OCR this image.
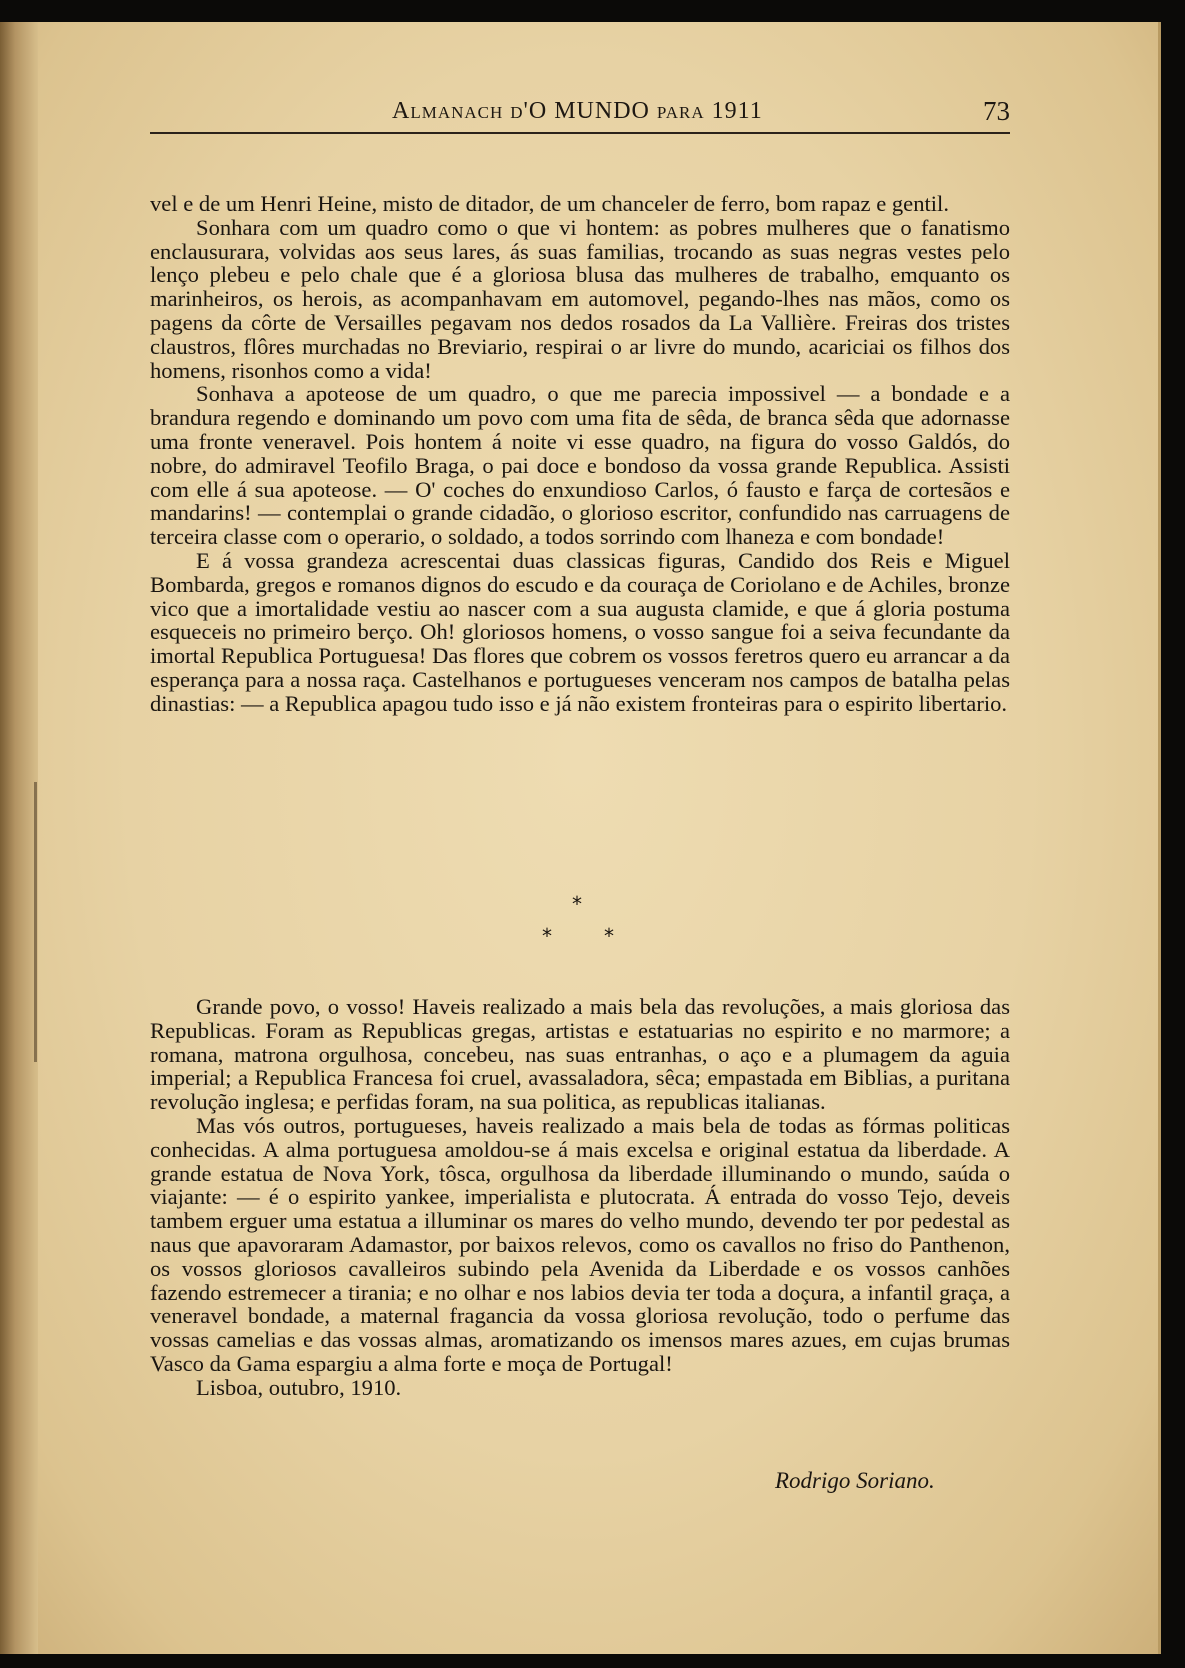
Almanach d'O MUNDO para 1911	73

vel e de um Henri Heine, misto de ditador, de um chanceler de ferro, bom rapaz e gentil.

Sonhara com um quadro como o que vi hontem: as pobres mulheres que o fanatismo enclausurara, volvidas aos seus lares, ás suas familias, trocando as suas negras vestes pelo lenço plebeu e pelo chale que é a gloriosa blusa das mulheres de trabalho, emquanto os marinheiros, os herois, as acompanhavam em automovel, pegando-lhes nas mãos, como os pagens da côrte de Versailles pegavam nos dedos rosados da La Vallière. Freiras dos tristes claustros, flôres murchadas no Breviario, respirai o ar livre do mundo, acariciai os filhos dos homens, risonhos como a vida!

Sonhava a apoteose de um quadro, o que me parecia impossivel — a bondade e a brandura regendo e dominando um povo com uma fita de sêda, de branca sêda que adornasse uma fronte veneravel. Pois hontem á noite vi esse quadro, na figura do vosso Galdós, do nobre, do admiravel Teofilo Braga, o pai doce e bondoso da vossa grande Republica. Assisti com elle á sua apoteose. — O' coches do enxundioso Carlos, ó fausto e farça de cortesãos e mandarins! — contemplai o grande cidadão, o glorioso escritor, confundido nas carruagens de terceira classe com o operario, o soldado, a todos sorrindo com lhaneza e com bondade!

E á vossa grandeza acrescentai duas classicas figuras, Candido dos Reis e Miguel Bombarda, gregos e romanos dignos do escudo e da couraça de Coriolano e de Achiles, bronze vico que a imortalidade vestiu ao nascer com a sua augusta clamide, e que á gloria postuma esqueceis no primeiro berço. Oh! gloriosos homens, o vosso sangue foi a seiva fecundante da imortal Republica Portuguesa! Das flores que cobrem os vossos feretros quero eu arrancar a da esperança para a nossa raça. Castelhanos e portugueses venceram nos campos de batalha pelas dinastias: — a Republica apagou tudo isso e já não existem fronteiras para o espirito libertario.

*
*	*

Grande povo, o vosso! Haveis realizado a mais bela das revoluções, a mais gloriosa das Republicas. Foram as Republicas gregas, artistas e estatuarias no espirito e no marmore; a romana, matrona orgulhosa, concebeu, nas suas entranhas, o aço e a plumagem da aguia imperial; a Republica Francesa foi cruel, avassaladora, sêca; empastada em Biblias, a puritana revolução inglesa; e perfidas foram, na sua politica, as republicas italianas.

Mas vós outros, portugueses, haveis realizado a mais bela de todas as fórmas politicas conhecidas. A alma portuguesa amoldou-se á mais excelsa e original estatua da liberdade. A grande estatua de Nova York, tôsca, orgulhosa da liberdade illuminando o mundo, saúda o viajante: — é o espirito yankee, imperialista e plutocrata. Á entrada do vosso Tejo, deveis tambem erguer uma estatua a illuminar os mares do velho mundo, devendo ter por pedestal as naus que apavoraram Adamastor, por baixos relevos, como os cavallos no friso do Panthenon, os vossos gloriosos cavalleiros subindo pela Avenida da Liberdade e os vossos canhões fazendo estremecer a tirania; e no olhar e nos labios devia ter toda a doçura, a infantil graça, a veneravel bondade, a maternal fragancia da vossa gloriosa revolução, todo o perfume das vossas camelias e das vossas almas, aromatizando os imensos mares azues, em cujas brumas Vasco da Gama espargiu a alma forte e moça de Portugal!

Lisboa, outubro, 1910.

Rodrigo Soriano.
